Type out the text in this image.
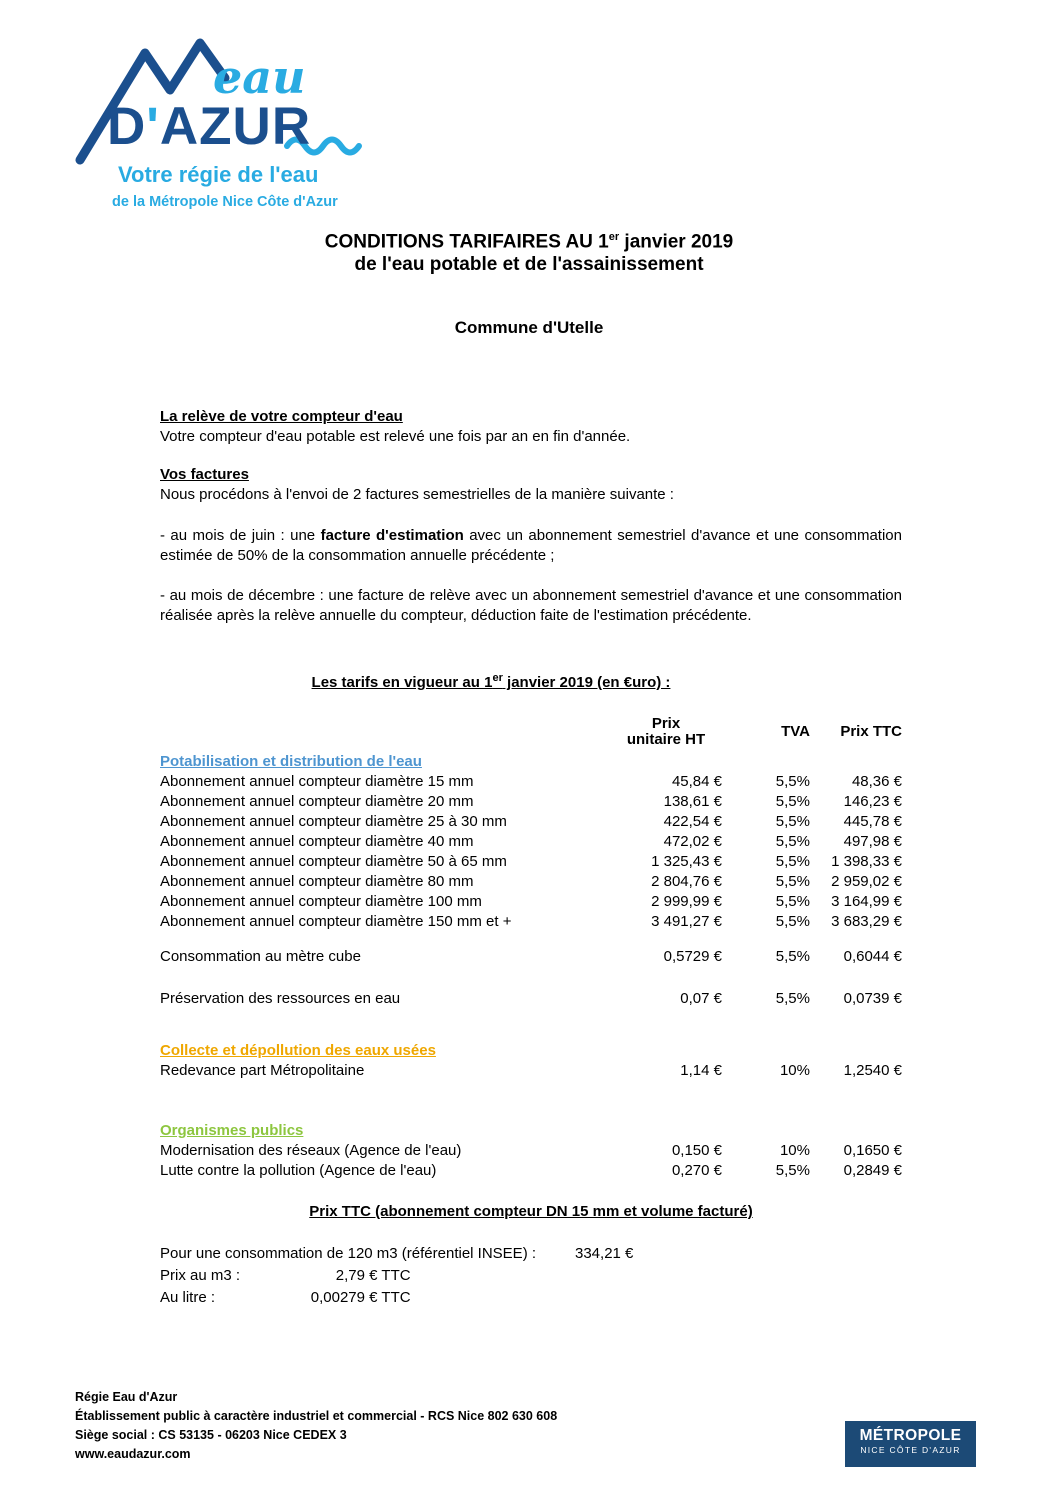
eau
D'AZUR
Votre régie de l'eau
de la Métropole Nice Côte d'Azur
CONDITIONS TARIFAIRES AU 1er janvier 2019
de l'eau potable et de l'assainissement
Commune d'Utelle
La relève de votre compteur d'eau
Votre compteur d'eau potable est relevé une fois par an en fin d'année.
Vos factures
Nous procédons à l'envoi de 2 factures semestrielles de la manière suivante :
- au mois de juin : une facture d'estimation avec un abonnement semestriel d'avance et une consommation estimée de 50% de la consommation annuelle précédente ;
- au mois de décembre : une facture de relève avec un abonnement semestriel d'avance et une consommation réalisée après la relève annuelle du compteur, déduction faite de l'estimation précédente.
Les tarifs en vigueur au 1er janvier 2019 (en €uro) :
Prix
unitaire HT	TVA	Prix TTC
Potabilisation et distribution de l'eau
Abonnement annuel compteur diamètre 15 mm	45,84 €	5,5%	48,36 €
Abonnement annuel compteur diamètre 20 mm	138,61 €	5,5%	146,23 €
Abonnement annuel compteur diamètre 25 à 30 mm	422,54 €	5,5%	445,78 €
Abonnement annuel compteur diamètre 40 mm	472,02 €	5,5%	497,98 €
Abonnement annuel compteur diamètre 50 à 65 mm	1 325,43 €	5,5%	1 398,33 €
Abonnement annuel compteur diamètre 80 mm	2 804,76 €	5,5%	2 959,02 €
Abonnement annuel compteur diamètre 100 mm	2 999,99 €	5,5%	3 164,99 €
Abonnement annuel compteur diamètre 150 mm et +	3 491,27 €	5,5%	3 683,29 €
Consommation au mètre cube	0,5729 €	5,5%	0,6044 €
Préservation des ressources en eau	0,07 €	5,5%	0,0739 €
Collecte et dépollution des eaux usées
Redevance part Métropolitaine	1,14 €	10%	1,2540 €
Organismes publics
Modernisation des réseaux (Agence de l'eau)	0,150 €	10%	0,1650 €
Lutte contre la pollution (Agence de l'eau)	0,270 €	5,5%	0,2849 €
Prix TTC (abonnement compteur DN 15 mm et volume facturé)
Pour une consommation de 120 m3 (référentiel INSEE) :	334,21 €
Prix au m3 :	2,79 € TTC
Au litre :	0,00279 € TTC
Régie Eau d'Azur
Établissement public à caractère industriel et commercial - RCS Nice 802 630 608
Siège social : CS 53135 - 06203 Nice CEDEX 3
www.eaudazur.com
MÉTROPOLE
NICE CÔTE D'AZUR
